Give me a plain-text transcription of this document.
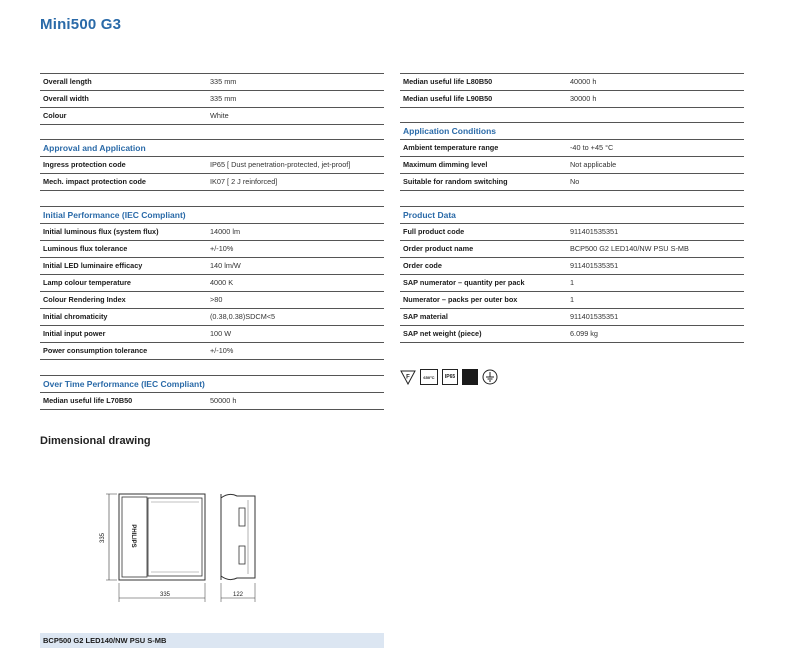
Mini500 G3
Overall length	335 mm
Overall width	335 mm
Colour	White
Approval and Application
Ingress protection code	IP65 [ Dust penetration-protected, jet-proof]
Mech. impact protection code	IK07 [ 2 J reinforced]
Initial Performance (IEC Compliant)
Initial luminous flux (system flux)	14000 lm
Luminous flux tolerance	+/-10%
Initial LED luminaire efficacy	140 lm/W
Lamp colour temperature	4000 K
Colour Rendering Index	>80
Initial chromaticity	(0.38,0.38)SDCM<5
Initial input power	100 W
Power consumption tolerance	+/-10%
Over Time Performance (IEC Compliant)
Median useful life L70B50	50000 h
Median useful life L80B50	40000 h
Median useful life L90B50	30000 h
Application Conditions
Ambient temperature range	-40 to +45 °C
Maximum dimming level	Not applicable
Suitable for random switching	No
Product Data
Full product code	911401535351
Order product name	BCP500 G2 LED140/NW PSU S-MB
Order code	911401535351
SAP numerator – quantity per pack	1
Numerator – packs per outer box	1
SAP material	911401535351
SAP net weight (piece)	6.099 kg
F	650°C IP65
Dimensional drawing
PHILIPS
335
335	122
BCP500 G2 LED140/NW PSU S-MB
